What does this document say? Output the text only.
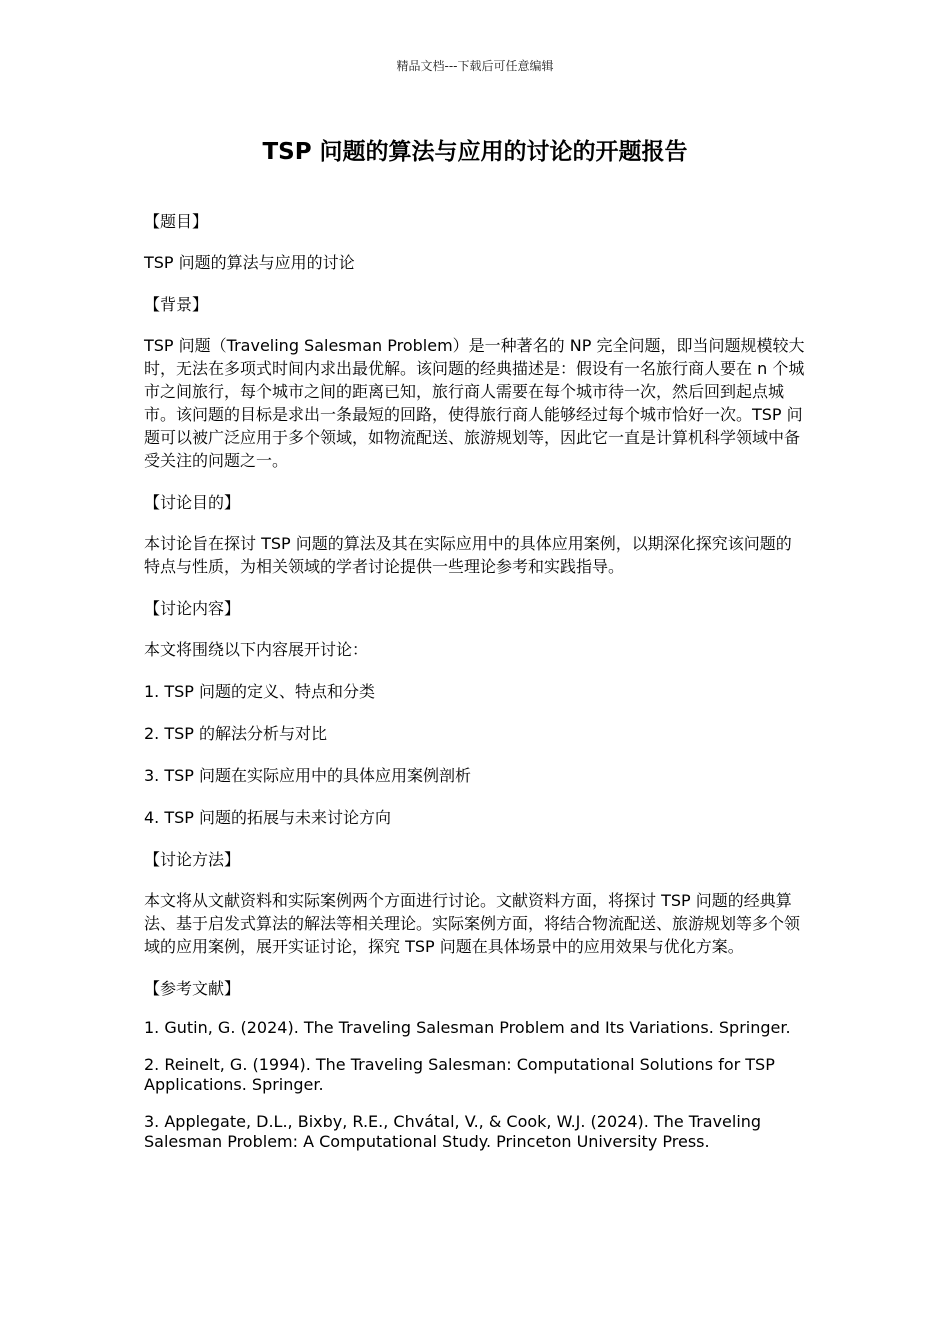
精品文档---下载后可任意编辑
TSP 问题的算法与应用的讨论的开题报告

【题目】

TSP 问题的算法与应用的讨论

【背景】

TSP 问题（Traveling Salesman Problem）是一种著名的 NP 完全问题，即当问题规模较大时，无法在多项式时间内求出最优解。该问题的经典描述是：假设有一名旅行商人要在 n 个城市之间旅行，每个城市之间的距离已知，旅行商人需要在每个城市待一次，然后回到起点城市。该问题的目标是求出一条最短的回路，使得旅行商人能够经过每个城市恰好一次。TSP 问题可以被广泛应用于多个领域，如物流配送、旅游规划等，因此它一直是计算机科学领域中备受关注的问题之一。

【讨论目的】

本讨论旨在探讨 TSP 问题的算法及其在实际应用中的具体应用案例，以期深化探究该问题的特点与性质，为相关领域的学者讨论提供一些理论参考和实践指导。

【讨论内容】

本文将围绕以下内容展开讨论：

1. TSP 问题的定义、特点和分类

2. TSP 的解法分析与对比

3. TSP 问题在实际应用中的具体应用案例剖析

4. TSP 问题的拓展与未来讨论方向

【讨论方法】

本文将从文献资料和实际案例两个方面进行讨论。文献资料方面，将探讨 TSP 问题的经典算法、基于启发式算法的解法等相关理论。实际案例方面，将结合物流配送、旅游规划等多个领域的应用案例，展开实证讨论，探究 TSP 问题在具体场景中的应用效果与优化方案。

【参考文献】

1. Gutin, G. (2024). The Traveling Salesman Problem and Its Variations. Springer.

2. Reinelt, G. (1994). The Traveling Salesman: Computational Solutions for TSP Applications. Springer.

3. Applegate, D.L., Bixby, R.E., Chvátal, V., & Cook, W.J. (2024). The Traveling Salesman Problem: A Computational Study. Princeton University Press.
